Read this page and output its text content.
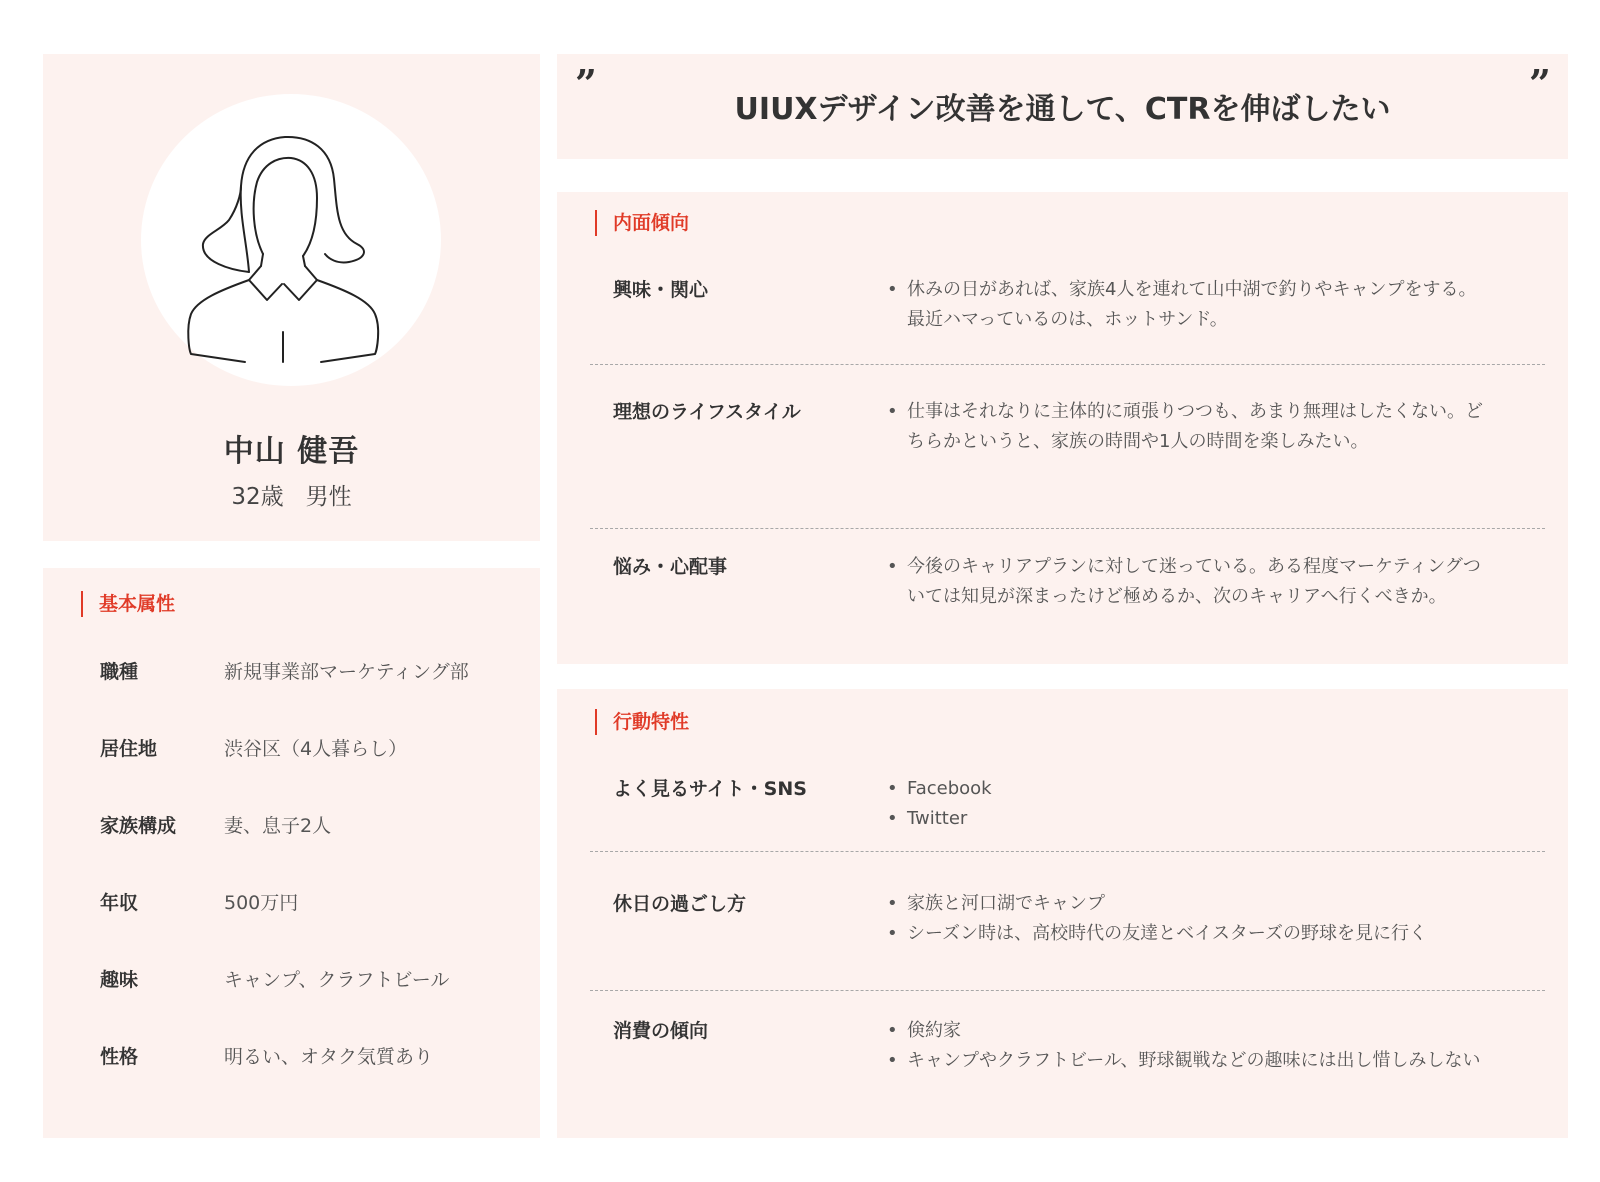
中山 健吾
32歳 男性
基本属性
職種	新規事業部マーケティング部
居住地	渋谷区（4人暮らし）
家族構成	妻、息子2人
年収	500万円
趣味	キャンプ、クラフトビール
性格	明るい、オタク気質あり
”	”
UIUXデザイン改善を通して、CTRを伸ばしたい
内面傾向
興味・関心	• 休みの日があれば、家族4人を連れて山中湖で釣りやキャンプをする。最近ハマっているのは、ホットサンド。
理想のライフスタイル	• 仕事はそれなりに主体的に頑張りつつも、あまり無理はしたくない。どちらかというと、家族の時間や1人の時間を楽しみたい。
悩み・心配事	• 今後のキャリアプランに対して迷っている。ある程度マーケティングついては知見が深まったけど極めるか、次のキャリアへ行くべきか。
行動特性
よく見るサイト・SNS	• Facebook
• Twitter
休日の過ごし方	• 家族と河口湖でキャンプ
• シーズン時は、高校時代の友達とベイスターズの野球を見に行く
消費の傾向	• 倹約家
• キャンプやクラフトビール、野球観戦などの趣味には出し惜しみしない
